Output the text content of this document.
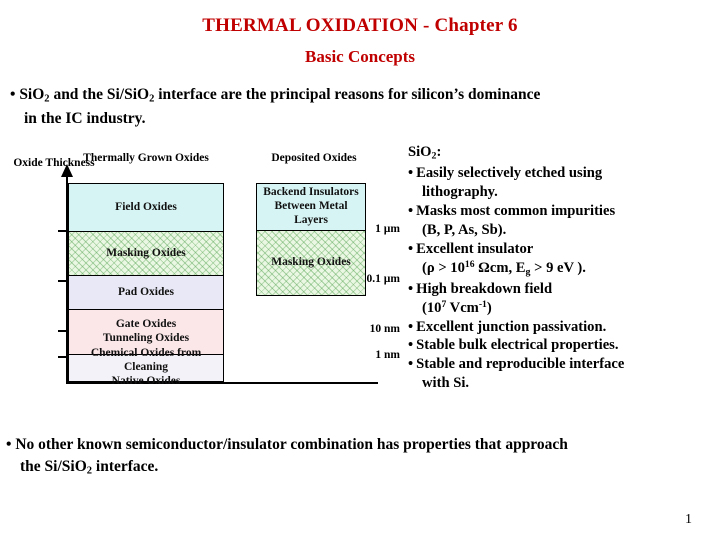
THERMAL OXIDATION - Chapter 6
Basic Concepts
• SiO$_2$ and the Si/SiO$_2$ interface are the principal reasons for silicon’s dominance
in the IC industry.
Oxide Thickness
1 µm
0.1 µm
10 nm
1 nm
Thermally Grown Oxides	Deposited Oxides
Field Oxides
Masking Oxides
Pad Oxides
Gate Oxides
Tunneling Oxides
Chemical Oxides from Cleaning
Native Oxides
Backend Insulators
Between Metal Layers
Masking Oxides
SiO$_2$:
• Easily selectively etched using
lithography.
• Masks most common impurities
(B, P, As, Sb).
• Excellent insulator
($\rho > 10^{16}$ Ωcm, $E_g > 9$ eV ).
• High breakdown field
($10^7$ Vcm$^{-1}$)
• Excellent junction passivation.
• Stable bulk electrical properties.
• Stable and reproducible interface
with Si.
• No other known semiconductor/insulator combination has properties that approach
the Si/SiO$_2$ interface.
1
